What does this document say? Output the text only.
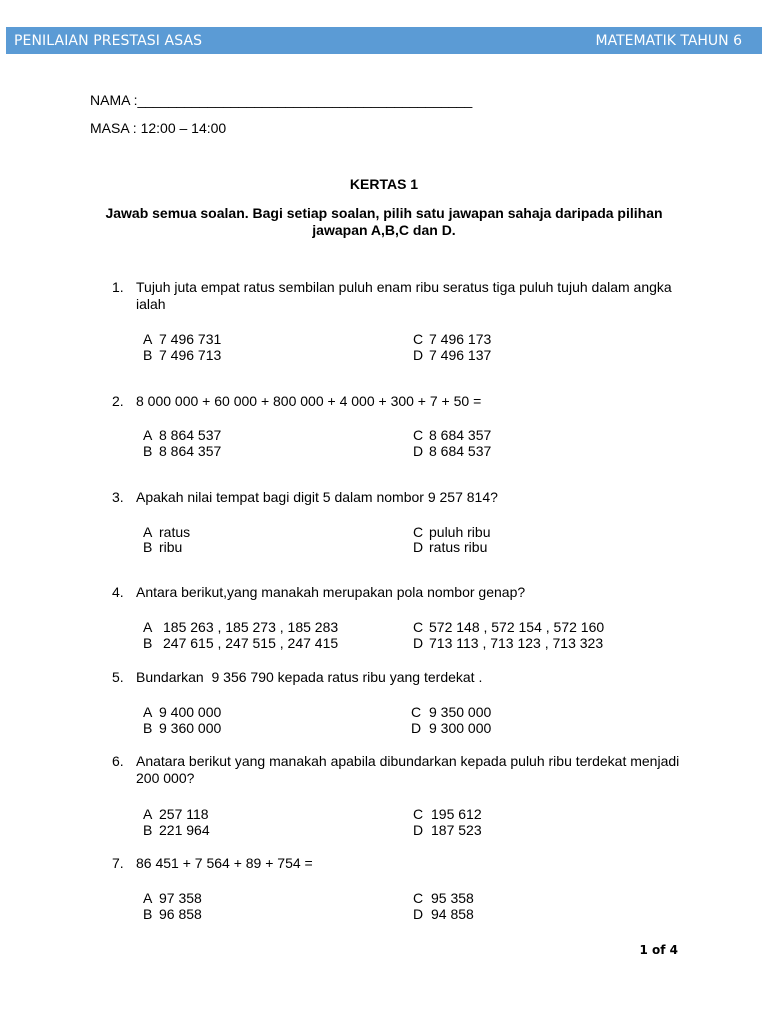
PENILAIAN PRESTASI ASAS	MATEMATIK TAHUN 6
NAMA :___________________________________________
MASA : 12:00 – 14:00
KERTAS 1
Jawab semua soalan. Bagi setiap soalan, pilih satu jawapan sahaja daripada pilihan jawapan A,B,C dan D.
1. Tujuh juta empat ratus sembilan puluh enam ribu seratus tiga puluh tujuh dalam angka ialah
A 7 496 731
B 7 496 713
C 7 496 173
D 7 496 137
2. 8 000 000 + 60 000 + 800 000 + 4 000 + 300 + 7 + 50 =
A 8 864 537
B 8 864 357
C 8 684 357
D 8 684 537
3. Apakah nilai tempat bagi digit 5 dalam nombor 9 257 814?
A ratus
B ribu
C puluh ribu
D ratus ribu
4. Antara berikut,yang manakah merupakan pola nombor genap?
A 185 263 , 185 273 , 185 283
B 247 615 , 247 515 , 247 415
C 572 148 , 572 154 , 572 160
D 713 113 , 713 123 , 713 323
5. Bundarkan  9 356 790 kepada ratus ribu yang terdekat .
A 9 400 000
B 9 360 000
C 9 350 000
D 9 300 000
6. Anatara berikut yang manakah apabila dibundarkan kepada puluh ribu terdekat menjadi 200 000?
A 257 118
B 221 964
C 195 612
D 187 523
7. 86 451 + 7 564 + 89 + 754 =
A 97 358
B 96 858
C 95 358
D 94 858
1 of 4
